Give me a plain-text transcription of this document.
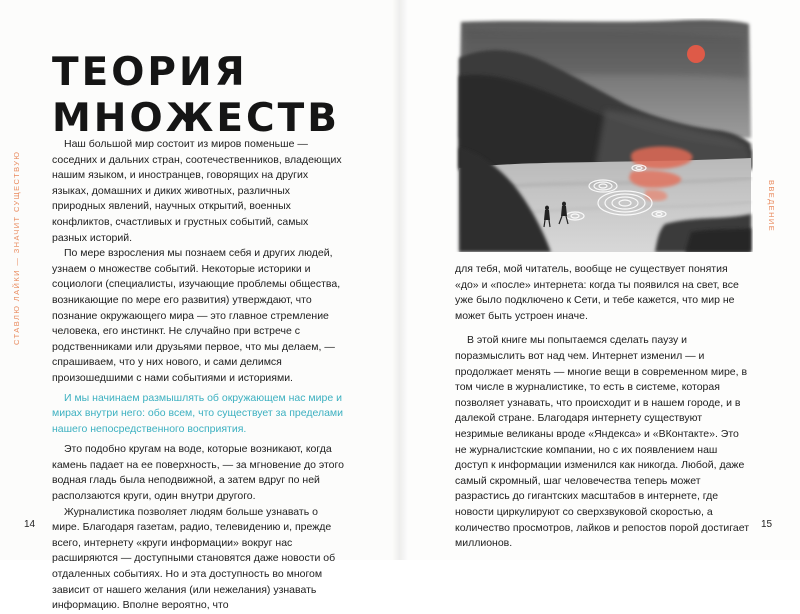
ТЕОРИЯ
МНОЖЕСТВ
СТАВЛЮ ЛАЙКИ — ЗНАЧИТ СУЩЕСТВУЮ

Наш большой мир состоит из миров поменьше — соседних и дальних стран, соотечественников, владеющих нашим языком, и иностранцев, говорящих на других языках, домашних и диких животных, различных природных явлений, научных открытий, военных конфликтов, счастливых и грустных событий, самых разных историй.

По мере взросления мы познаем себя и других людей, узнаем о множестве событий. Некоторые историки и социологи (специалисты, изучающие проблемы общества, возникающие по мере его развития) утверждают, что познание окружающего мира — это главное стремление человека, его инстинкт. Не случайно при встрече с родственниками или друзьями первое, что мы делаем, — спрашиваем, что у них нового, и сами делимся произошедшими с нами событиями и историями.

И мы начинаем размышлять об окружающем нас мире и мирах внутри него: обо всем, что существует за пределами нашего непосредственного восприятия.

Это подобно кругам на воде, которые возникают, когда камень падает на ее поверхность, — за мгновение до этого водная гладь была неподвижной, а затем вдруг по ней расползаются круги, один внутри другого.

Журналистика позволяет людям больше узнавать о мире. Благодаря газетам, радио, телевидению и, прежде всего, интернету «круги информации» вокруг нас расширяются — доступными становятся даже новости об отдаленных событиях. Но и эта доступность во многом зависит от нашего желания (или нежелания) узнавать информацию. Вполне вероятно, что

14
ВВЕДЕНИЕ

для тебя, мой читатель, вообще не существует понятия «до» и «после» интернета: когда ты появился на свет, все уже было подключено к Сети, и тебе кажется, что мир не может быть устроен иначе.

В этой книге мы попытаемся сделать паузу и поразмыслить вот над чем. Интернет изменил — и продолжает менять — многие вещи в современном мире, в том числе в журналистике, то есть в системе, которая позволяет узнавать, что происходит и в нашем городе, и в далекой стране. Благодаря интернету существуют незримые великаны вроде «Яндекса» и «ВКонтакте». Это не журналистские компании, но с их появлением наш доступ к информации изменился как никогда. Любой, даже самый скромный, шаг человечества теперь может разрастись до гигантских масштабов в интернете, где новости циркулируют со сверхзвуковой скоростью, а количество просмотров, лайков и репостов порой достигает миллионов.

15
